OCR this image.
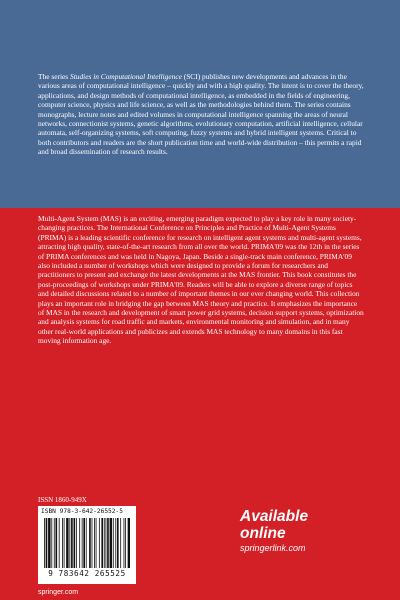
The series Studies in Computational Intelligence (SCI) publishes new developments and advances in the various areas of computational intelligence – quickly and with a high quality. The intent is to cover the theory, applications, and design methods of computational intelligence, as embedded in the fields of engineering, computer science, physics and life science, as well as the methodologies behind them. The series contains monographs, lecture notes and edited volumes in computational intelligence spanning the areas of neural networks, connectionist systems, genetic algorithms, evolutionary computation, artificial intelligence, cellular automata, self-organizing systems, soft computing, fuzzy systems and hybrid intelligent systems. Critical to both contributors and readers are the short publication time and world-wide distribution – this permits a rapid and broad dissemination of research results.

Multi-Agent System (MAS) is an exciting, emerging paradigm expected to play a key role in many society-changing practices. The International Conference on Principles and Practice of Multi-Agent Systems (PRIMA) is a leading scientific conference for research on intelligent agent systems and multi-agent systems, attracting high quality, state-of-the-art research from all over the world. PRIMA'09 was the 12th in the series of PRIMA conferences and was held in Nagoya, Japan. Beside a single-track main conference, PRIMA'09 also included a number of workshops which were designed to provide a forum for researchers and practitioners to present and exchange the latest developments at the MAS frontier. This book constitutes the post-proceedings of workshops under PRIMA'09. Readers will be able to explore a diverse range of topics and detailed discussions related to a number of important themes in our ever changing world. This collection plays an important role in bridging the gap between MAS theory and practice. It emphasizes the importance of MAS in the research and development of smart power grid systems, decision support systems, optimization and analysis systems for road traffic and markets, environmental monitoring and simulation, and in many other real-world applications and publicizes and extends MAS technology to many domains in this fast moving information age.

ISSN 1860-949X
ISBN 978-3-642-26552-5
9 783642 265525
springer.com
Available
online
springerlink.com
